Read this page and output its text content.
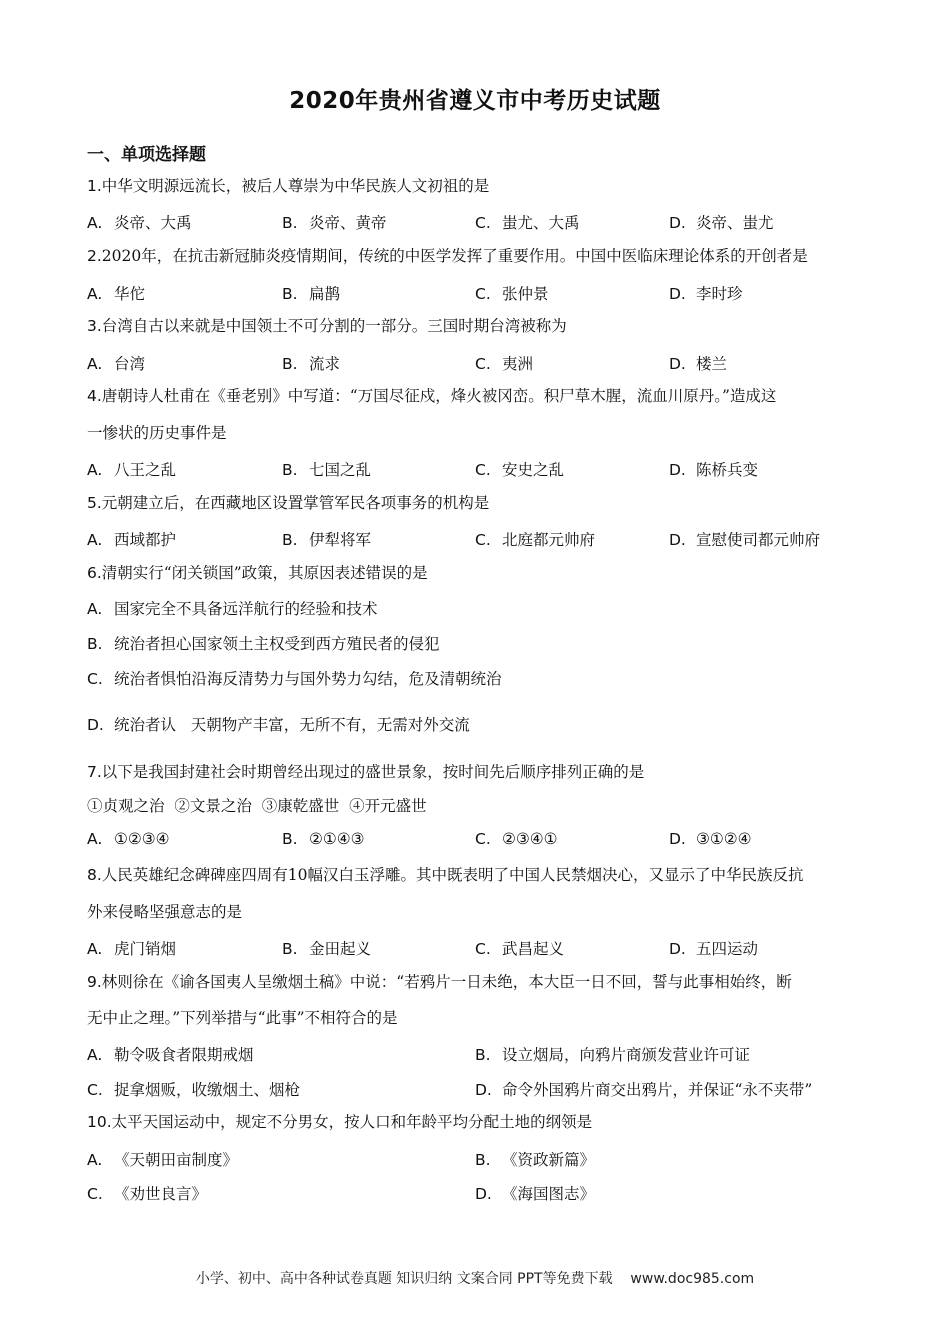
2020年贵州省遵义市中考历史试题
一、单项选择题
1.中华文明源远流长，被后人尊崇为中华民族人文初祖的是
A. 炎帝、大禹	B. 炎帝、黄帝	C. 蚩尤、大禹	D. 炎帝、蚩尤
2.2020年，在抗击新冠肺炎疫情期间，传统的中医学发挥了重要作用。中国中医临床理论体系的开创者是
A. 华佗	B. 扁鹊	C. 张仲景	D. 李时珍
3.台湾自古以来就是中国领土不可分割的一部分。三国时期台湾被称为
A. 台湾	B. 流求	C. 夷洲	D. 楼兰
4.唐朝诗人杜甫在《垂老别》中写道：“万国尽征戍，烽火被冈峦。积尸草木腥，流血川原丹。”造成这
一惨状的历史事件是
A. 八王之乱	B. 七国之乱	C. 安史之乱	D. 陈桥兵变
5.元朝建立后，在西藏地区设置掌管军民各项事务的机构是
A. 西域都护	B. 伊犁将军	C. 北庭都元帅府	D. 宣慰使司都元帅府
6.清朝实行“闭关锁国”政策，其原因表述错误的是
A. 国家完全不具备远洋航行的经验和技术
B. 统治者担心国家领土主权受到西方殖民者的侵犯
C. 统治者惧怕沿海反清势力与国外势力勾结，危及清朝统治
D. 统治者认   天朝物产丰富，无所不有，无需对外交流
7.以下是我国封建社会时期曾经出现过的盛世景象，按时间先后顺序排列正确的是
①贞观之治  ②文景之治  ③康乾盛世  ④开元盛世
A. ①②③④	B. ②①④③	C. ②③④①	D. ③①②④
8.人民英雄纪念碑碑座四周有10幅汉白玉浮雕。其中既表明了中国人民禁烟决心，又显示了中华民族反抗
外来侵略坚强意志的是
A. 虎门销烟	B. 金田起义	C. 武昌起义	D. 五四运动
9.林则徐在《谕各国夷人呈缴烟土稿》中说：“若鸦片一日未绝，本大臣一日不回，誓与此事相始终，断
无中止之理。”下列举措与“此事”不相符合的是
A. 勒令吸食者限期戒烟	B. 设立烟局，向鸦片商颁发营业许可证
C. 捉拿烟贩，收缴烟土、烟枪	D. 命令外国鸦片商交出鸦片，并保证“永不夹带”
10.太平天国运动中，规定不分男女，按人口和年龄平均分配土地的纲领是
A. 《天朝田亩制度》	B. 《资政新篇》
C. 《劝世良言》	D. 《海国图志》
小学、初中、高中各种试卷真题 知识归纳 文案合同 PPT等免费下载    www.doc985.com
